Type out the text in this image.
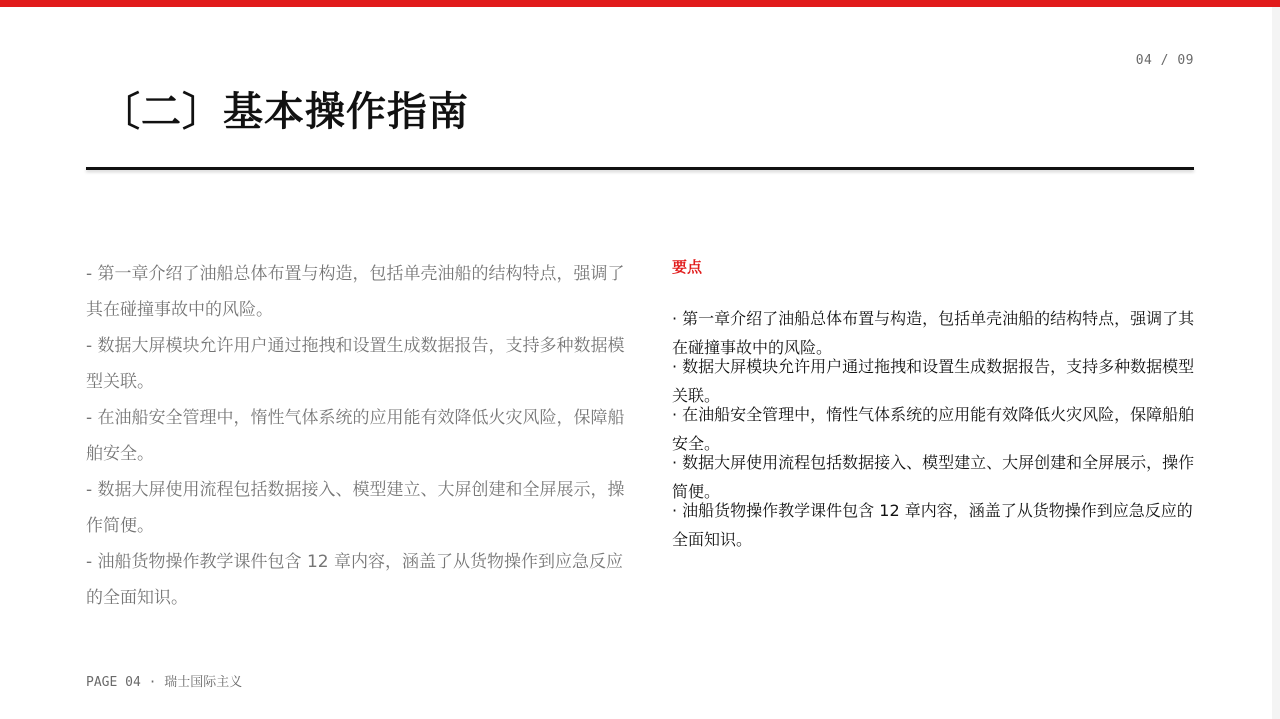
04 / 09
〔二〕基本操作指南
- 第一章介绍了油船总体布置与构造，包括单壳油船的结构特点，强调了其在碰撞事故中的风险。
- 数据大屏模块允许用户通过拖拽和设置生成数据报告，支持多种数据模型关联。
- 在油船安全管理中，惰性气体系统的应用能有效降低火灾风险，保障船舶安全。
- 数据大屏使用流程包括数据接入、模型建立、大屏创建和全屏展示，操作简便。
- 油船货物操作教学课件包含 12 章内容，涵盖了从货物操作到应急反应的全面知识。
要点
· 第一章介绍了油船总体布置与构造，包括单壳油船的结构特点，强调了其在碰撞事故中的风险。
· 数据大屏模块允许用户通过拖拽和设置生成数据报告，支持多种数据模型关联。
· 在油船安全管理中，惰性气体系统的应用能有效降低火灾风险，保障船舶安全。
· 数据大屏使用流程包括数据接入、模型建立、大屏创建和全屏展示，操作简便。
· 油船货物操作教学课件包含 12 章内容，涵盖了从货物操作到应急反应的全面知识。
PAGE 04 · 瑞士国际主义
